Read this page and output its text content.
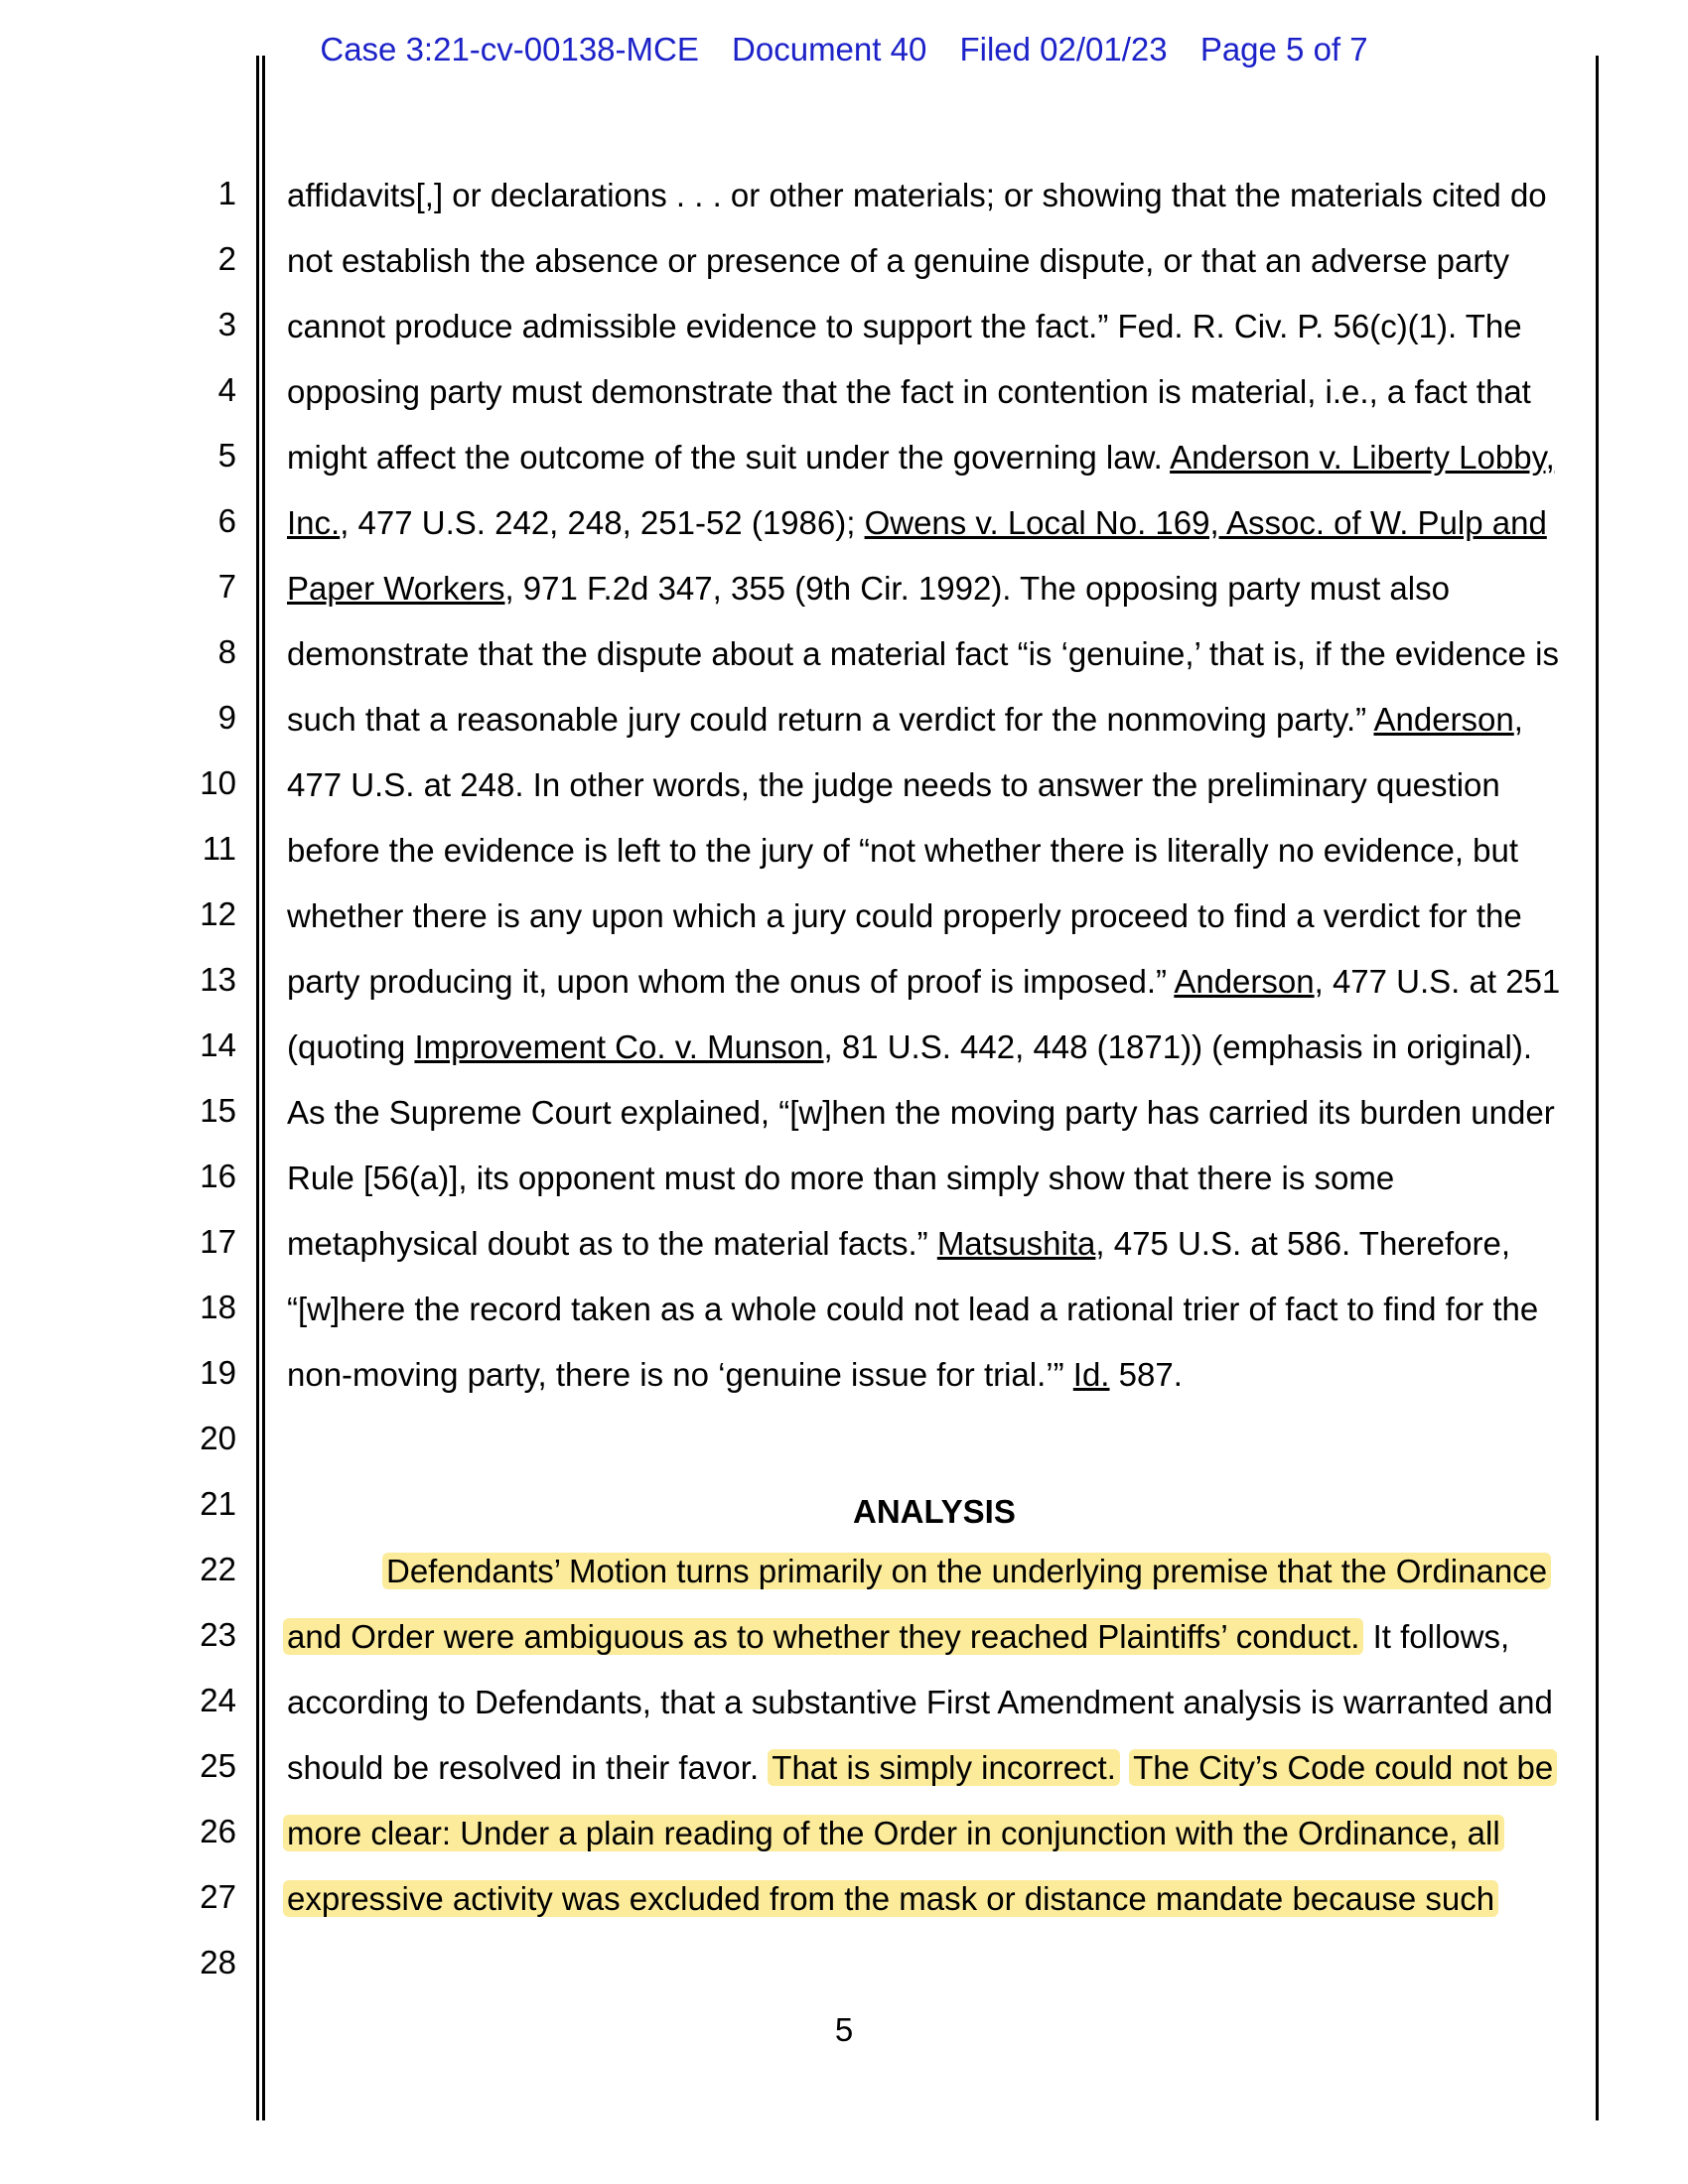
Case 3:21-cv-00138-MCE Document 40 Filed 02/01/23 Page 5 of 7
1
2
3
4
5
6
7
8
9
10
11
12
13
14
15
16
17
18
19
20
21
22
23
24
25
26
27
28
affidavits[,] or declarations . . . or other materials; or showing that the materials cited do
not establish the absence or presence of a genuine dispute, or that an adverse party
cannot produce admissible evidence to support the fact.” Fed. R. Civ. P. 56(c)(1). The
opposing party must demonstrate that the fact in contention is material, i.e., a fact that
might affect the outcome of the suit under the governing law. Anderson v. Liberty Lobby,
Inc., 477 U.S. 242, 248, 251-52 (1986); Owens v. Local No. 169, Assoc. of W. Pulp and
Paper Workers, 971 F.2d 347, 355 (9th Cir. 1992). The opposing party must also
demonstrate that the dispute about a material fact “is ‘genuine,’ that is, if the evidence is
such that a reasonable jury could return a verdict for the nonmoving party.” Anderson,
477 U.S. at 248. In other words, the judge needs to answer the preliminary question
before the evidence is left to the jury of “not whether there is literally no evidence, but
whether there is any upon which a jury could properly proceed to find a verdict for the
party producing it, upon whom the onus of proof is imposed.” Anderson, 477 U.S. at 251
(quoting Improvement Co. v. Munson, 81 U.S. 442, 448 (1871)) (emphasis in original).
As the Supreme Court explained, “[w]hen the moving party has carried its burden under
Rule [56(a)], its opponent must do more than simply show that there is some
metaphysical doubt as to the material facts.” Matsushita, 475 U.S. at 586. Therefore,
“[w]here the record taken as a whole could not lead a rational trier of fact to find for the
non-moving party, there is no ‘genuine issue for trial.’” Id. 587.
ANALYSIS
Defendants’ Motion turns primarily on the underlying premise that the Ordinance
and Order were ambiguous as to whether they reached Plaintiffs’ conduct. It follows,
according to Defendants, that a substantive First Amendment analysis is warranted and
should be resolved in their favor. That is simply incorrect. The City’s Code could not be
more clear: Under a plain reading of the Order in conjunction with the Ordinance, all
expressive activity was excluded from the mask or distance mandate because such
5
